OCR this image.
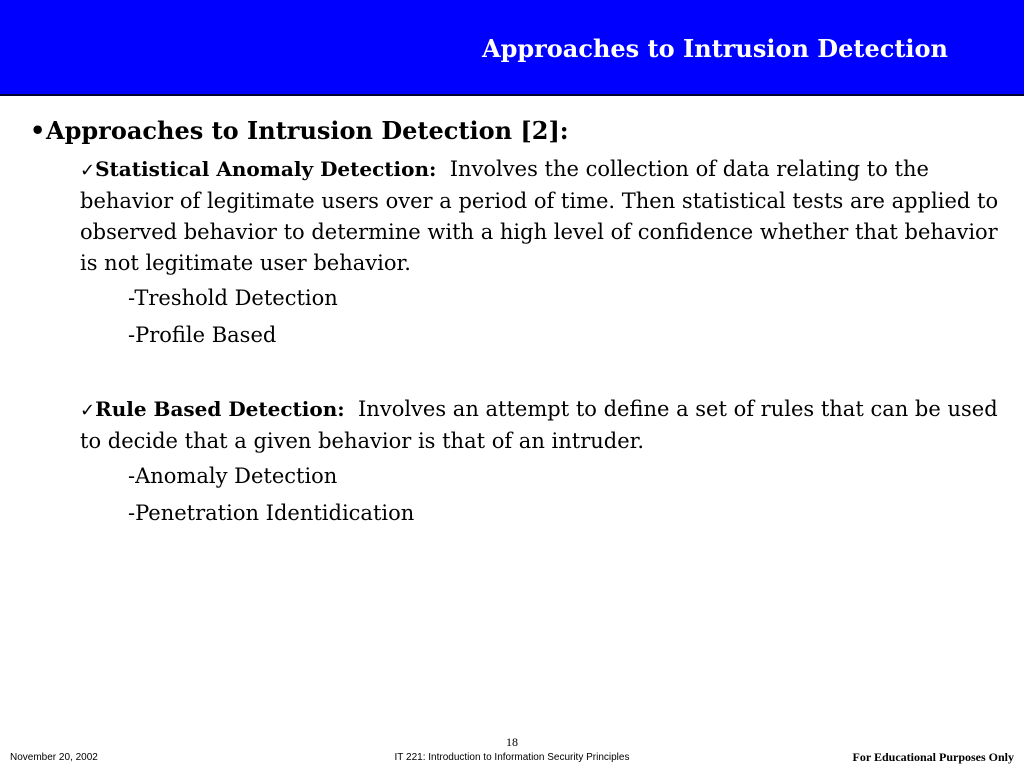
Approaches to Intrusion Detection
•Approaches to Intrusion Detection [2]:
✓Statistical Anomaly Detection: Involves the collection of data relating to the behavior of legitimate users over a period of time. Then statistical tests are applied to observed behavior to determine with a high level of confidence whether that behavior is not legitimate user behavior.
-Treshold Detection
-Profile Based
✓Rule Based Detection: Involves an attempt to define a set of rules that can be used to decide that a given behavior is that of an intruder.
-Anomaly Detection
-Penetration Identidication
18
November 20, 2002	IT 221: Introduction to Information Security Principles	For Educational Purposes Only
